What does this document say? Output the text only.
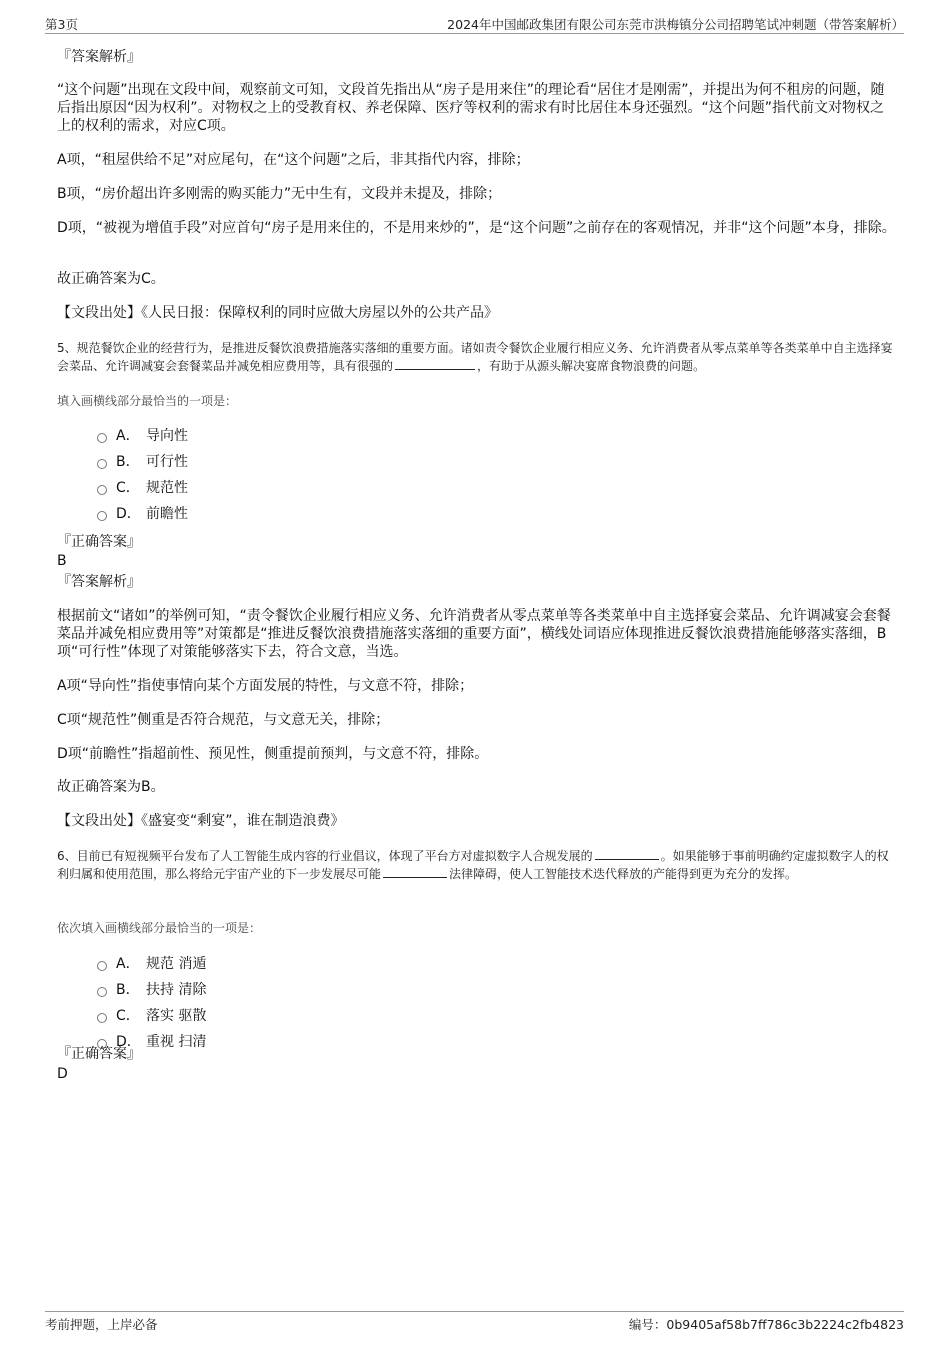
第3页	2024年中国邮政集团有限公司东莞市洪梅镇分公司招聘笔试冲刺题（带答案解析）
『答案解析』
“这个问题”出现在文段中间，观察前文可知，文段首先指出从“房子是用来住”的理论看“居住才是刚需”，并提出为何不租房的问题，随后指出原因“因为权利”。对物权之上的受教育权、养老保障、医疗等权利的需求有时比居住本身还强烈。“这个问题”指代前文对物权之上的权利的需求，对应C项。
A项，“租屋供给不足”对应尾句，在“这个问题”之后，非其指代内容，排除；
B项，“房价超出许多刚需的购买能力”无中生有，文段并未提及，排除；
D项，“被视为增值手段”对应首句“房子是用来住的，不是用来炒的”，是“这个问题”之前存在的客观情况，并非“这个问题”本身，排除。
故正确答案为C。
【文段出处】《人民日报：保障权利的同时应做大房屋以外的公共产品》
5、规范餐饮企业的经营行为，是推进反餐饮浪费措施落实落细的重要方面。诸如责令餐饮企业履行相应义务、允许消费者从零点菜单等各类菜单中自主选择宴会菜品、允许调减宴会套餐菜品并减免相应费用等，具有很强的	，有助于从源头解决宴席食物浪费的问题。
填入画横线部分最恰当的一项是：
A． 导向性
B． 可行性
C． 规范性
D． 前瞻性
『正确答案』
B
『答案解析』
根据前文“诸如”的举例可知，“责令餐饮企业履行相应义务、允许消费者从零点菜单等各类菜单中自主选择宴会菜品、允许调减宴会套餐菜品并减免相应费用等”对策都是“推进反餐饮浪费措施落实落细的重要方面”，横线处词语应体现推进反餐饮浪费措施能够落实落细，B项“可行性”体现了对策能够落实下去，符合文意，当选。
A项“导向性”指使事情向某个方面发展的特性，与文意不符，排除；
C项“规范性”侧重是否符合规范，与文意无关，排除；
D项“前瞻性”指超前性、预见性，侧重提前预判，与文意不符，排除。
故正确答案为B。
【文段出处】《盛宴变“剩宴”，谁在制造浪费》
6、目前已有短视频平台发布了人工智能生成内容的行业倡议，体现了平台方对虚拟数字人合规发展的	。如果能够于事前明确约定虚拟数字人的权利归属和使用范围，那么将给元宇宙产业的下一步发展尽可能	法律障碍，使人工智能技术迭代释放的产能得到更为充分的发挥。
依次填入画横线部分最恰当的一项是：
A． 规范 消遁
B． 扶持 清除
C． 落实 驱散
D． 重视 扫清
『正确答案』
D
考前押题，上岸必备	编号：0b9405af58b7ff786c3b2224c2fb4823
